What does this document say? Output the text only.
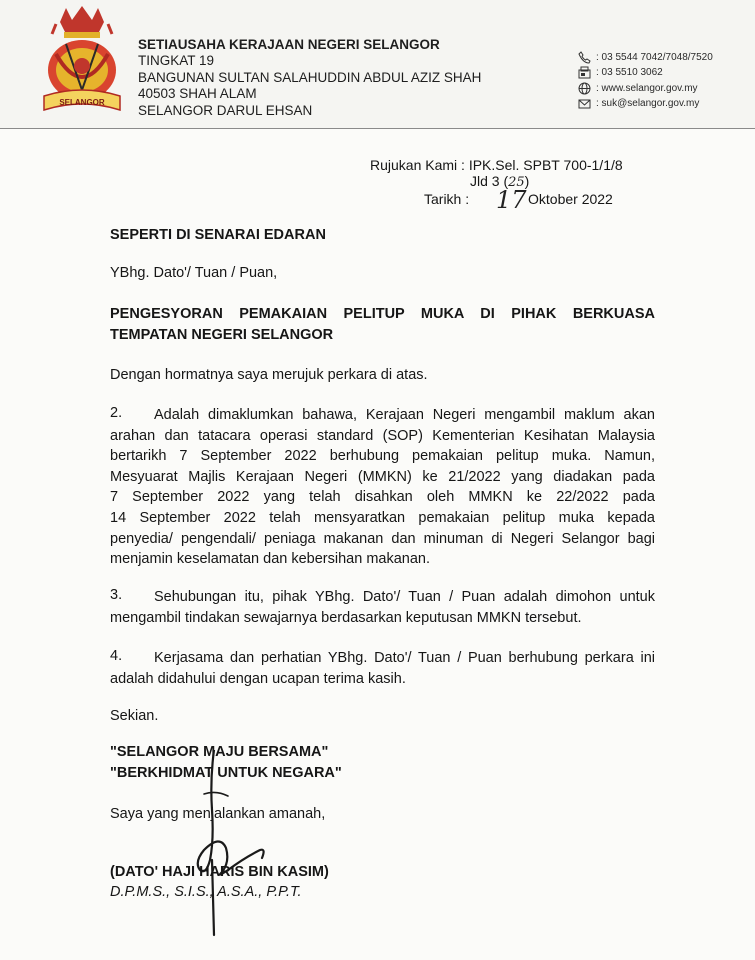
SELANGOR
SETIAUSAHA KERAJAAN NEGERI SELANGOR
TINGKAT 19
BANGUNAN SULTAN SALAHUDDIN ABDUL AZIZ SHAH
40503 SHAH ALAM
SELANGOR DARUL EHSAN
: 03 5544 7042/7048/7520
: 03 5510 3062
: www.selangor.gov.my
: suk@selangor.gov.my
Rujukan Kami : IPK.Sel. SPBT 700-1/1/8
Jld 3 (25)
Tarikh : 17 Oktober 2022
SEPERTI DI SENARAI EDARAN
YBhg. Dato'/ Tuan / Puan,
PENGESYORAN PEMAKAIAN PELITUP MUKA DI PIHAK BERKUASA
TEMPATAN NEGERI SELANGOR
Dengan hormatnya saya merujuk perkara di atas.
2.	Adalah dimaklumkan bahawa, Kerajaan Negeri mengambil maklum akan
arahan dan tatacara operasi standard (SOP) Kementerian Kesihatan Malaysia
bertarikh 7 September 2022 berhubung pemakaian pelitup muka. Namun,
Mesyuarat Majlis Kerajaan Negeri (MMKN) ke 21/2022 yang diadakan pada
7 September 2022 yang telah disahkan oleh MMKN ke 22/2022 pada
14 September 2022 telah mensyaratkan pemakaian pelitup muka kepada
penyedia/ pengendali/ peniaga makanan dan minuman di Negeri Selangor bagi
menjamin keselamatan dan kebersihan makanan.
3.	Sehubungan itu, pihak YBhg. Dato'/ Tuan / Puan adalah dimohon untuk
mengambil tindakan sewajarnya berdasarkan keputusan MMKN tersebut.
4.	Kerjasama dan perhatian YBhg. Dato'/ Tuan / Puan berhubung perkara ini
adalah didahului dengan ucapan terima kasih.
Sekian.
"SELANGOR MAJU BERSAMA"
"BERKHIDMAT UNTUK NEGARA"
Saya yang menjalankan amanah,
(DATO' HAJI HARIS BIN KASIM)
D.P.M.S., S.I.S., A.S.A., P.P.T.
